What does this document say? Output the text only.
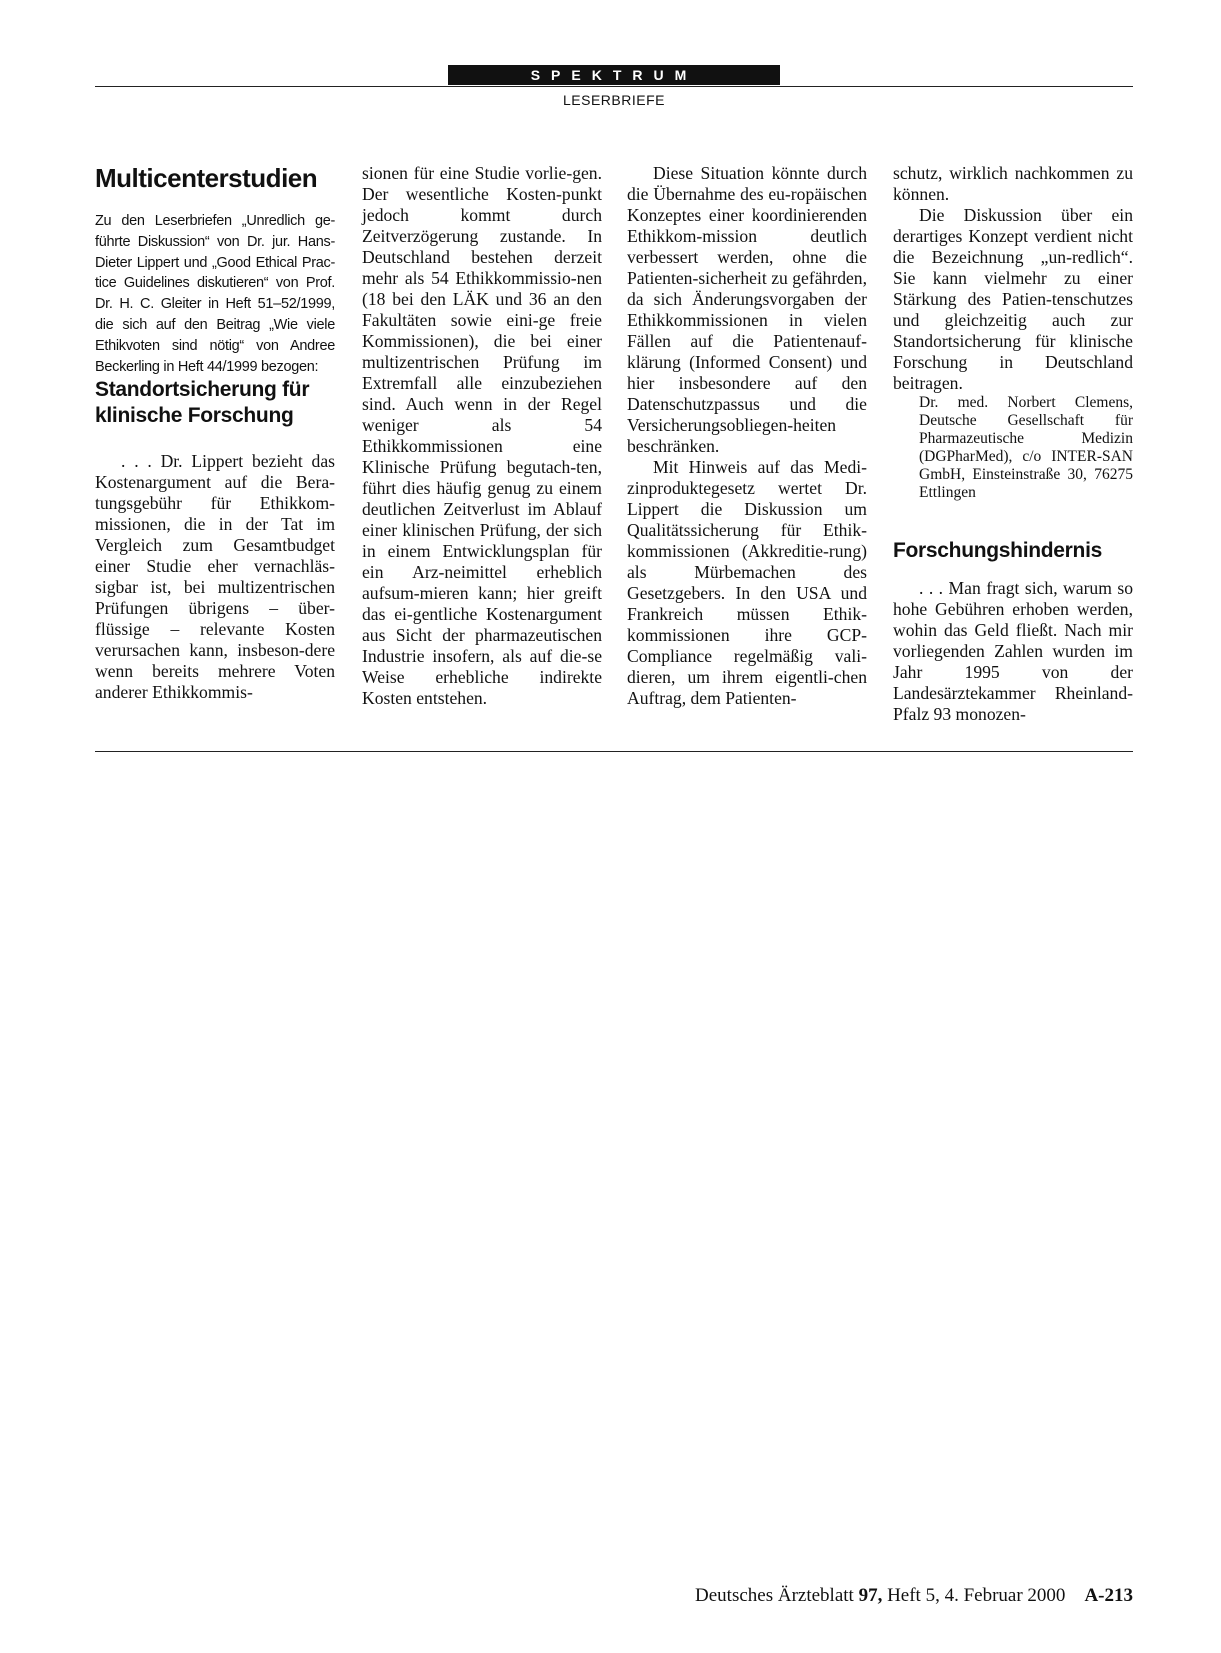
SPEKTRUM
LESERBRIEFE
Multicenterstudien

Zu den Leserbriefen „Unredlich ge-führte Diskussion“ von Dr. jur. Hans-Dieter Lippert und „Good Ethical Prac-tice Guidelines diskutieren“ von Prof. Dr. H. C. Gleiter in Heft 51–52/1999, die sich auf den Beitrag „Wie viele Ethikvoten sind nötig“ von Andree Beckerling in Heft 44/1999 bezogen:

Standortsicherung für klinische Forschung

. . . Dr. Lippert bezieht das Kostenargument auf die Bera-tungsgebühr für Ethikkom-missionen, die in der Tat im Vergleich zum Gesamtbudget einer Studie eher vernachläs-sigbar ist, bei multizentrischen Prüfungen übrigens – über-flüssige – relevante Kosten verursachen kann, insbeson-dere wenn bereits mehrere Voten anderer Ethikkommis-

sionen für eine Studie vorlie-gen. Der wesentliche Kosten-punkt jedoch kommt durch Zeitverzögerung zustande. In Deutschland bestehen derzeit mehr als 54 Ethikkommissio-nen (18 bei den LÄK und 36 an den Fakultäten sowie eini-ge freie Kommissionen), die bei einer multizentrischen Prüfung im Extremfall alle einzubeziehen sind. Auch wenn in der Regel weniger als 54 Ethikkommissionen eine Klinische Prüfung begutach-ten, führt dies häufig genug zu einem deutlichen Zeitverlust im Ablauf einer klinischen Prüfung, der sich in einem Entwicklungsplan für ein Arz-neimittel erheblich aufsum-mieren kann; hier greift das ei-gentliche Kostenargument aus Sicht der pharmazeutischen Industrie insofern, als auf die-se Weise erhebliche indirekte Kosten entstehen.

Diese Situation könnte durch die Übernahme des eu-ropäischen Konzeptes einer koordinierenden Ethikkom-mission deutlich verbessert werden, ohne die Patienten-sicherheit zu gefährden, da sich Änderungsvorgaben der Ethikkommissionen in vielen Fällen auf die Patientenauf-klärung (Informed Consent) und hier insbesondere auf den Datenschutzpassus und die Versicherungsobliegen-heiten beschränken.

Mit Hinweis auf das Medi-zinproduktegesetz wertet Dr. Lippert die Diskussion um Qualitätssicherung für Ethik-kommissionen (Akkreditie-rung) als Mürbemachen des Gesetzgebers. In den USA und Frankreich müssen Ethik-kommissionen ihre GCP-Compliance regelmäßig vali-dieren, um ihrem eigentli-chen Auftrag, dem Patienten-

schutz, wirklich nachkommen zu können.

Die Diskussion über ein derartiges Konzept verdient nicht die Bezeichnung „un-redlich“. Sie kann vielmehr zu einer Stärkung des Patien-tenschutzes und gleichzeitig auch zur Standortsicherung für klinische Forschung in Deutschland beitragen.

Dr. med. Norbert Clemens, Deutsche Gesellschaft für Pharmazeutische Medizin (DGPharMed), c/o INTER-SAN GmbH, Einsteinstraße 30, 76275 Ettlingen

Forschungshindernis

. . . Man fragt sich, warum so hohe Gebühren erhoben werden, wohin das Geld fließt. Nach mir vorliegenden Zahlen wurden im Jahr 1995 von der Landesärztekammer Rheinland-Pfalz 93 monozen-

Deutsches Ärzteblatt 97, Heft 5, 4. Februar 2000 A-213
